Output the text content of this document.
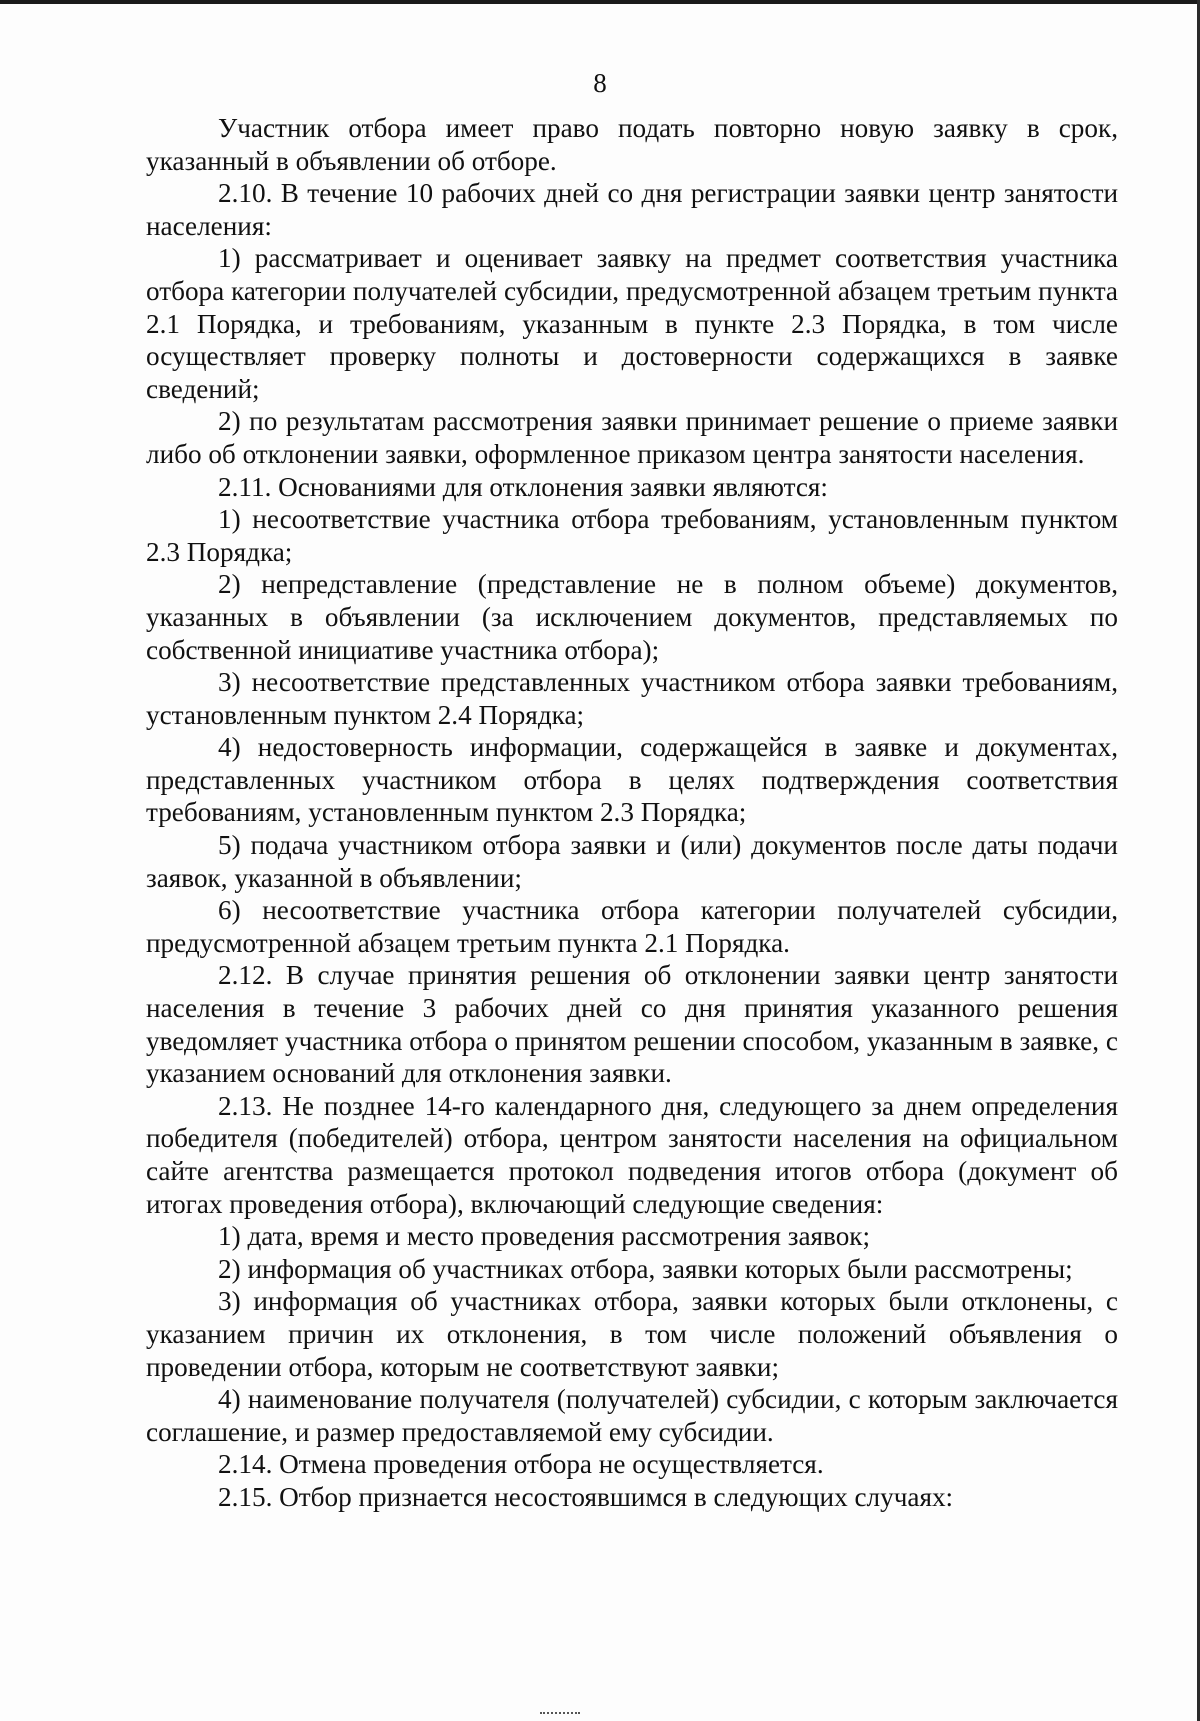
8

Участник отбора имеет право подать повторно новую заявку в срок, указанный в объявлении об отборе.

2.10. В течение 10 рабочих дней со дня регистрации заявки центр занятости населения:

1) рассматривает и оценивает заявку на предмет соответствия участника отбора категории получателей субсидии, предусмотренной абзацем третьим пункта 2.1 Порядка, и требованиям, указанным в пункте 2.3 Порядка, в том числе осуществляет проверку полноты и достоверности содержащихся в заявке сведений;

2) по результатам рассмотрения заявки принимает решение о приеме заявки либо об отклонении заявки, оформленное приказом центра занятости населения.

2.11. Основаниями для отклонения заявки являются:

1) несоответствие участника отбора требованиям, установленным пунктом 2.3 Порядка;

2) непредставление (представление не в полном объеме) документов, указанных в объявлении (за исключением документов, представляемых по собственной инициативе участника отбора);

3) несоответствие представленных участником отбора заявки требованиям, установленным пунктом 2.4 Порядка;

4) недостоверность информации, содержащейся в заявке и документах, представленных участником отбора в целях подтверждения соответствия требованиям, установленным пунктом 2.3 Порядка;

5) подача участником отбора заявки и (или) документов после даты подачи заявок, указанной в объявлении;

6) несоответствие участника отбора категории получателей субсидии, предусмотренной абзацем третьим пункта 2.1 Порядка.

2.12. В случае принятия решения об отклонении заявки центр занятости населения в течение 3 рабочих дней со дня принятия указанного решения уведомляет участника отбора о принятом решении способом, указанным в заявке, с указанием оснований для отклонения заявки.

2.13. Не позднее 14-го календарного дня, следующего за днем определения победителя (победителей) отбора, центром занятости населения на официальном сайте агентства размещается протокол подведения итогов отбора (документ об итогах проведения отбора), включающий следующие сведения:

1) дата, время и место проведения рассмотрения заявок;

2) информация об участниках отбора, заявки которых были рассмотрены;

3) информация об участниках отбора, заявки которых были отклонены, с указанием причин их отклонения, в том числе положений объявления о проведении отбора, которым не соответствуют заявки;

4) наименование получателя (получателей) субсидии, с которым заключается соглашение, и размер предоставляемой ему субсидии.

2.14. Отмена проведения отбора не осуществляется.

2.15. Отбор признается несостоявшимся в следующих случаях:
